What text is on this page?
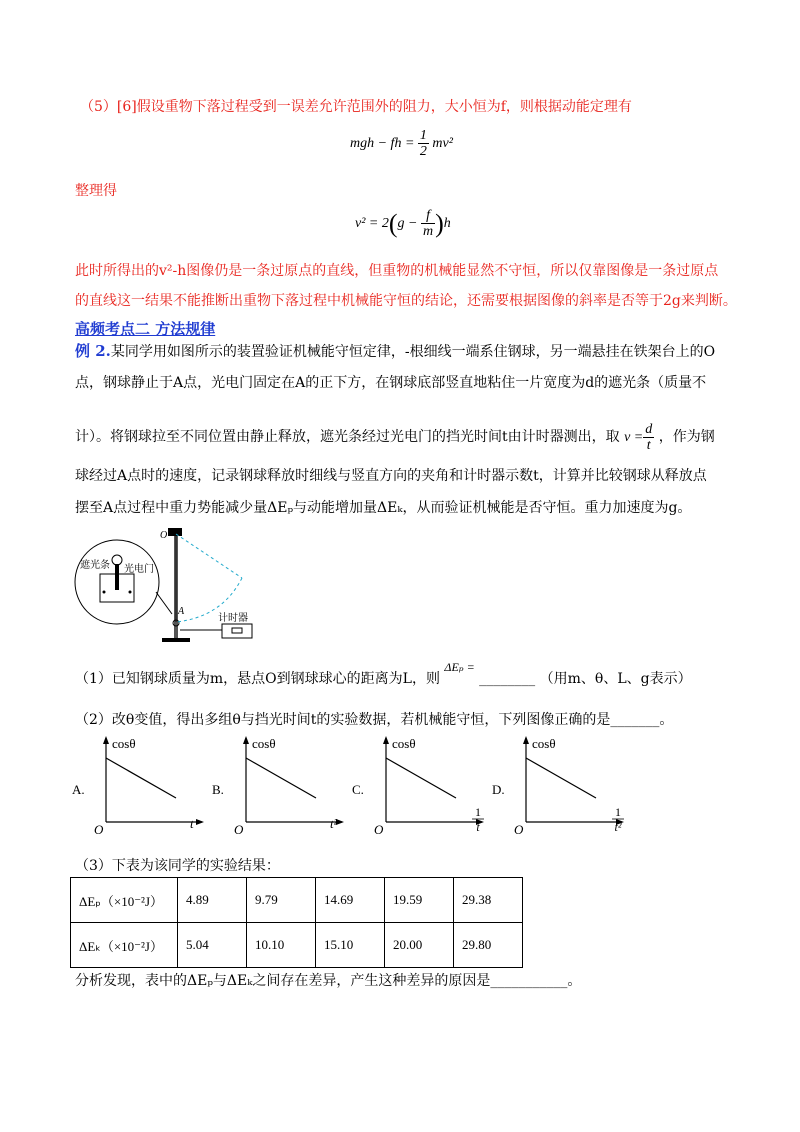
（5）[6]假设重物下落过程受到一误差允许范围外的阻力，大小恒为f，则根据动能定理有
mgh − fh = $\frac{1}{2} mv^2$
整理得
$v^2 = 2(g - \frac{f}{m} )h$
此时所得出的v²-h图像仍是一条过原点的直线，但重物的机械能显然不守恒，所以仅靠图像是一条过原点
的直线这一结果不能推断出重物下落过程中机械能守恒的结论，还需要根据图像的斜率是否等于2g来判断。
高频考点二 方法规律
例 2.某同学用如图所示的装置验证机械能守恒定律，-根细线一端系住钢球，另一端悬挂在铁架台上的O
点，钢球静止于A点，光电门固定在A的正下方，在钢球底部竖直地粘住一片宽度为d的遮光条（质量不
计）。将钢球拉至不同位置由静止释放，遮光条经过光电门的挡光时间t由计时器测出，取 $v = \frac{d}{t}$ ，作为钢
球经过A点时的速度，记录钢球释放时细线与竖直方向的夹角和计时器示数t，计算并比较钢球从释放点
摆至A点过程中重力势能减少量ΔEₚ与动能增加量ΔEₖ，从而验证机械能是否守恒。重力加速度为g。
遮光条 光电门
O
A
计时器
（1）已知钢球质量为m，悬点O到钢球球心的距离为L，则 ΔEₚ = ________ （用m、θ、L、g表示）
（2）改θ变值，得出多组θ与挡光时间t的实验数据，若机械能守恒，下列图像正确的是_______。
A.
cosθ
O	t
B.
cosθ
O	t²
C.
cosθ
O
1
t
D.
cosθ
O
1
t²
（3）下表为该同学的实验结果：
ΔEₚ（×10⁻²J）	4.89	9.79	14.69	19.59	29.38
ΔEₖ（×10⁻²J）	5.04	10.10	15.10	20.00	29.80
分析发现，表中的ΔEₚ与ΔEₖ之间存在差异，产生这种差异的原因是___________。
